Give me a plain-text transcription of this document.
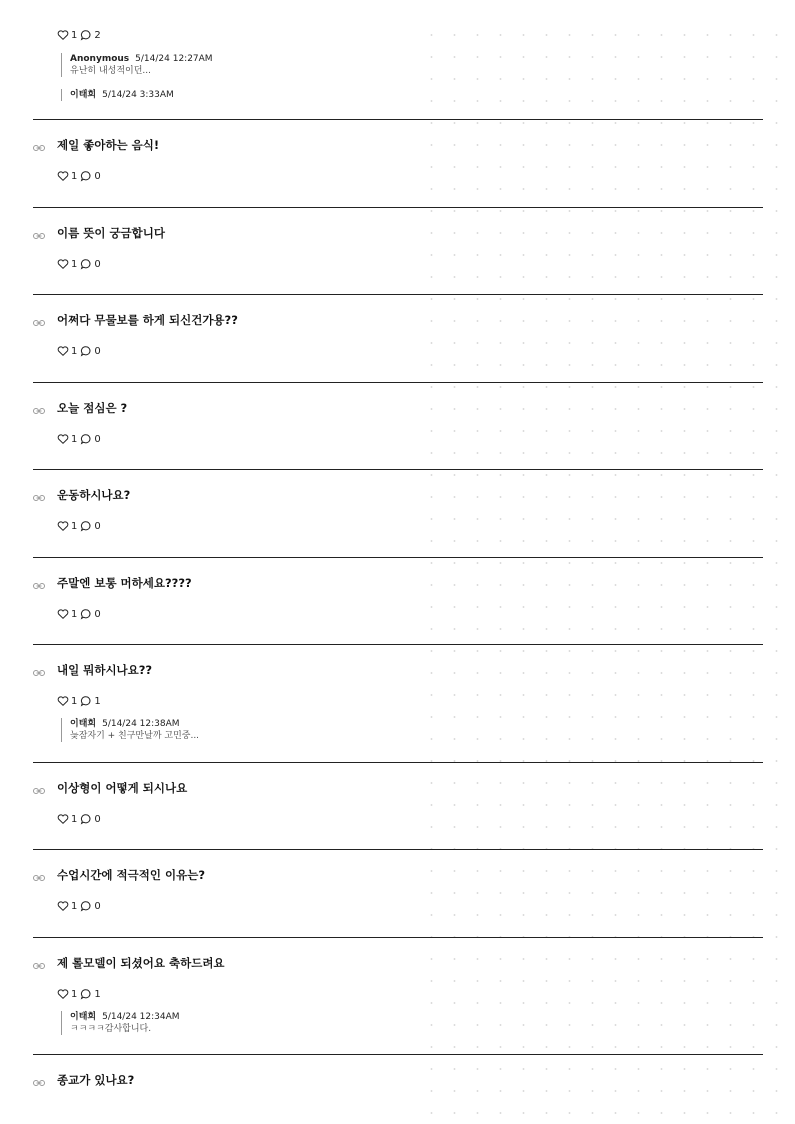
1 2
Anonymous 5/14/24 12:27AM
유난히 내성적이던...
이태희 5/14/24 3:33AM
제일 좋아하는 음식!
1 0
이름 뜻이 궁금합니다
1 0
어쩌다 무물보를 하게 되신건가용??
1 0
오늘 점심은 ?
1 0
운동하시나요?
1 0
주말엔 보통 머하세요????
1 0
내일 뭐하시나요??
1 1
이태희 5/14/24 12:38AM
늦잠자기 + 친구만날까 고민중...
이상형이 어떻게 되시나요
1 0
수업시간에 적극적인 이유는?
1 0
제 롤모델이 되셨어요 축하드려요
1 1
이태희 5/14/24 12:34AM
ㅋㅋㅋㅋ감사합니다.
종교가 있나요?
